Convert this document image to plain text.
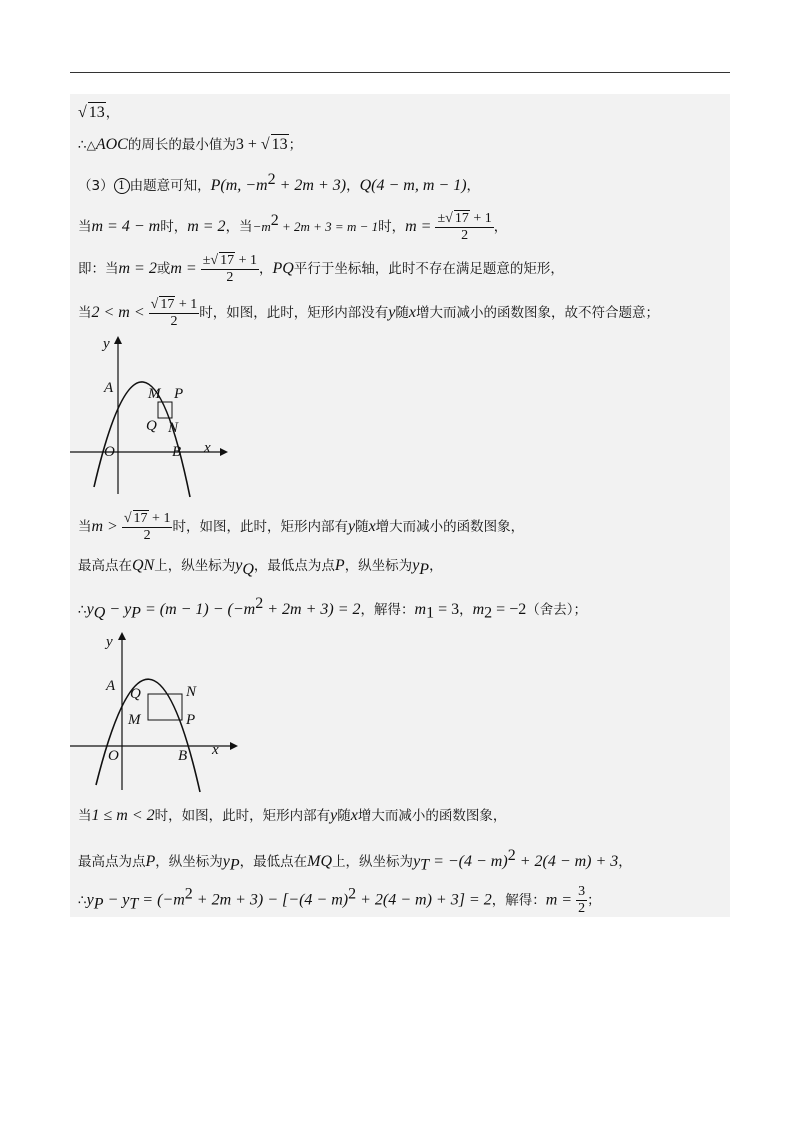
√ 13，
∴△AOC的周长的最小值为3 + √ 13；
（3） 1 由题意可知，P(m, $-m^2 + 2m + 3$)，Q(4 − m, m − 1)，
当m = 4 − m时，m = 2，当$-m^2 + 2m + 3 = m - 1$时，$m = \frac{\pm√ 17 + 1}{2}$ ，
即：当m = 2或$m = \frac{\pm√ 17 + 1}{2}$ ，PQ平行于坐标轴，此时不存在满足题意的矩形，
当$2 < m < \frac{√ 17 + 1}{2}$ 时，如图，此时，矩形内部没有y随x增大而减小的函数图象，故不符合题意；
当$m > \frac{√ 17 + 1}{2}$ 时，如图，此时，矩形内部有y随x增大而减小的函数图象，
最高点在QN上，纵坐标为$y_Q$，最低点为点P，纵坐标为$y_P$，
$\therefore y_Q - y_P = (m - 1) - (-m^2 + 2m + 3) = 2$，解得：$m_1 = 3$，$m_2 = -2$（舍去）；
当1 ≤ m < 2时，如图，此时，矩形内部有y随x增大而减小的函数图象，
最高点为点P，纵坐标为$y_P$，最低点在MQ上，纵坐标为$y_T = -(4 - m)^2 + 2(4 - m) + 3$，
$\therefore y_P - y_T = (-m^2 + 2m + 3) - [-(4 - m)^2 + 2(4 - m) + 3] = 2$，解得：$m = \frac{3}{2}$ ；
y
x
A
O	B
M P
Q N
y
x
A
O	B
Q	N
M	P
